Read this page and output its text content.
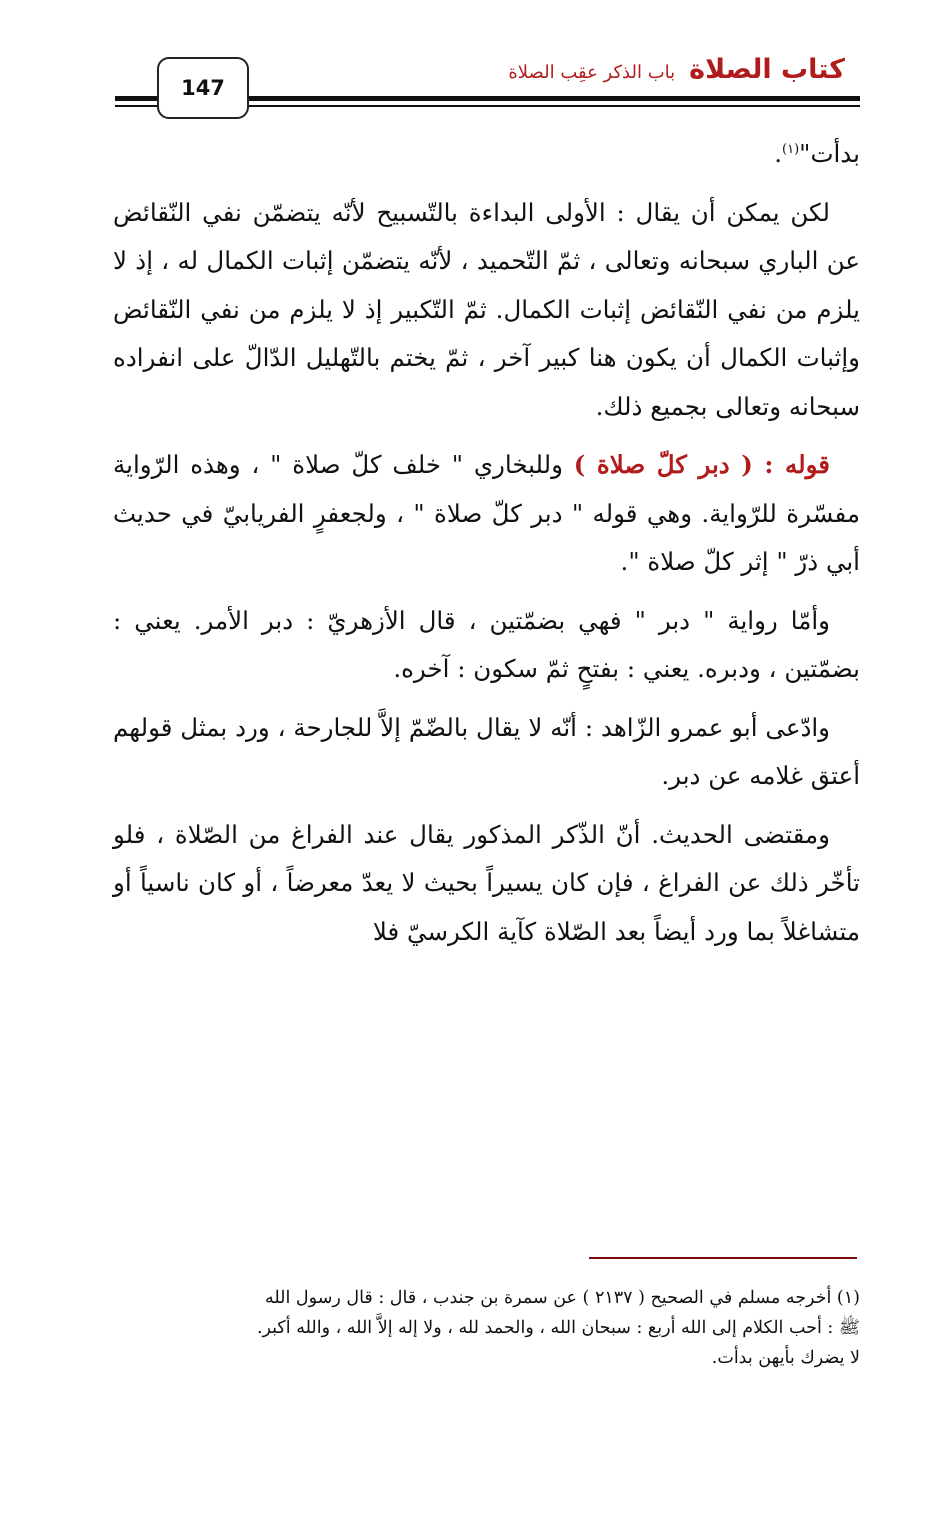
147
كتاب الصلاة
باب الذكر عقِب الصلاة

بدأت"$^{(١)}$.

لكن يمكن أن يقال : الأولى البداءة بالتّسبيح لأنّه يتضمّن نفي النّقائض عن الباري سبحانه وتعالى ، ثمّ التّحميد ، لأنّه يتضمّن إثبات الكمال له ، إذ لا يلزم من نفي النّقائض إثبات الكمال. ثمّ التّكبير إذ لا يلزم من نفي النّقائض وإثبات الكمال أن يكون هنا كبير آخر ، ثمّ يختم بالتّهليل الدّالّ على انفراده سبحانه وتعالى بجميع ذلك.

قوله : ( دبر كلّ صلاة ) وللبخاري " خلف كلّ صلاة " ، وهذه الرّواية مفسّرة للرّواية. وهي قوله " دبر كلّ صلاة " ، ولجعفرٍ الفريابيّ في حديث أبي ذرّ " إثر كلّ صلاة ".

وأمّا رواية " دبر " فهي بضمّتين ، قال الأزهريّ : دبر الأمر. يعني : بضمّتين ، ودبره. يعني : بفتحٍ ثمّ سكون : آخره.

وادّعى أبو عمرو الزّاهد : أنّه لا يقال بالضّمّ إلاَّ للجارحة ، ورد بمثل قولهم أعتق غلامه عن دبر.

ومقتضى الحديث. أنّ الذّكر المذكور يقال عند الفراغ من الصّلاة ، فلو تأخّر ذلك عن الفراغ ، فإن كان يسيراً بحيث لا يعدّ معرضاً ، أو كان ناسياً أو متشاغلاً بما ورد أيضاً بعد الصّلاة كآية الكرسيّ فلا

(١) أخرجه مسلم في الصحيح ( ٢١٣٧ ) عن سمرة بن جندب ، قال : قال رسول الله

ﷺ : أحب الكلام إلى الله أربع : سبحان الله ، والحمد لله ، ولا إله إلاَّ الله ، والله أكبر.

لا يضرك بأيهن بدأت.
